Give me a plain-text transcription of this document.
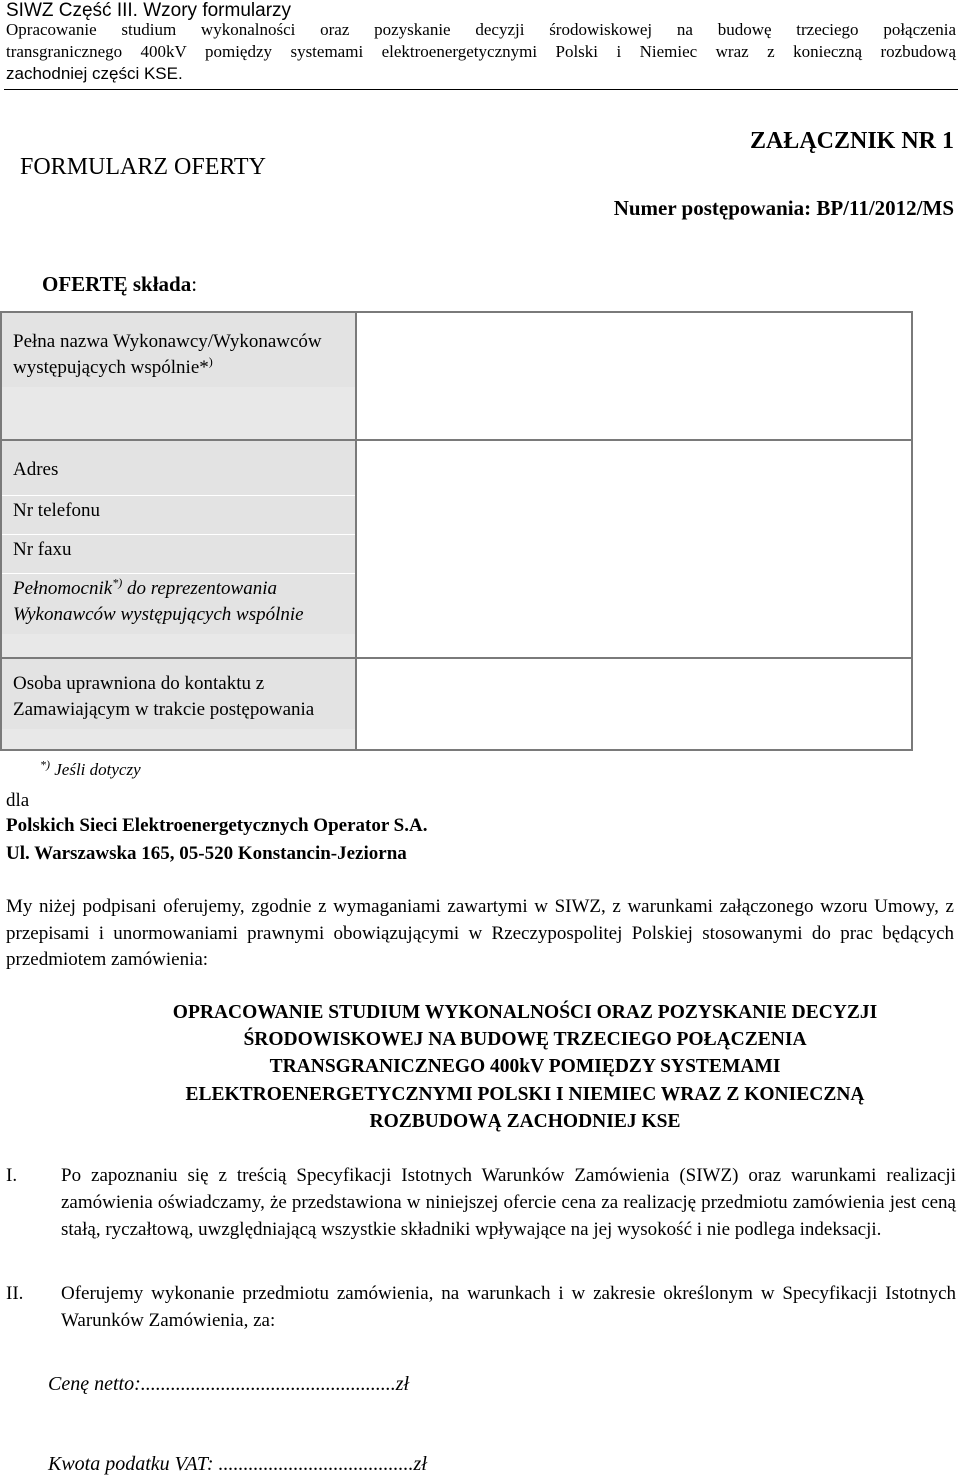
SIWZ Część III. Wzory formularzy
Opracowanie studium wykonalności oraz pozyskanie decyzji środowiskowej na budowę trzeciego połączenia
transgranicznego 400kV pomiędzy systemami elektroenergetycznymi Polski i Niemiec wraz z konieczną rozbudową
zachodniej części KSE.
FORMULARZ OFERTY
ZAŁĄCZNIK NR 1
Numer postępowania: BP/11/2012/MS
OFERTĘ składa:
Pełna nazwa Wykonawcy/Wykonawców występujących wspólnie*)

Adres
Nr telefonu
Nr faxu
Pełnomocnik*) do reprezentowania Wykonawców występujących wspólnie	

Osoba uprawniona do kontaktu z Zamawiającym w trakcie postępowania	

*) Jeśli dotyczy
dla
Polskich Sieci Elektroenergetycznych Operator S.A.
Ul. Warszawska 165, 05-520 Konstancin-Jeziorna
My niżej podpisani oferujemy, zgodnie z wymaganiami zawartymi w SIWZ, z warunkami załączonego wzoru Umowy, z przepisami i unormowaniami prawnymi obowiązującymi w Rzeczypospolitej Polskiej stosowanymi do prac będących przedmiotem zamówienia:
OPRACOWANIE STUDIUM WYKONALNOŚCI ORAZ POZYSKANIE DECYZJI
ŚRODOWISKOWEJ NA BUDOWĘ TRZECIEGO POŁĄCZENIA
TRANSGRANICZNEGO 400kV POMIĘDZY SYSTEMAMI
ELEKTROENERGETYCZNYMI POLSKI I NIEMIEC WRAZ Z KONIECZNĄ
ROZBUDOWĄ ZACHODNIEJ KSE
I. Po zapoznaniu się z treścią Specyfikacji Istotnych Warunków Zamówienia (SIWZ) oraz warunkami realizacji zamówienia oświadczamy, że przedstawiona w niniejszej ofercie cena za realizację przedmiotu zamówienia jest ceną stałą, ryczałtową, uwzględniającą wszystkie składniki wpływające na jej wysokość i nie podlega indeksacji.
II. Oferujemy wykonanie przedmiotu zamówienia, na warunkach i w zakresie określonym w Specyfikacji Istotnych Warunków Zamówienia, za:
Cenę netto:...................................................zł
Kwota podatku VAT: .......................................zł
